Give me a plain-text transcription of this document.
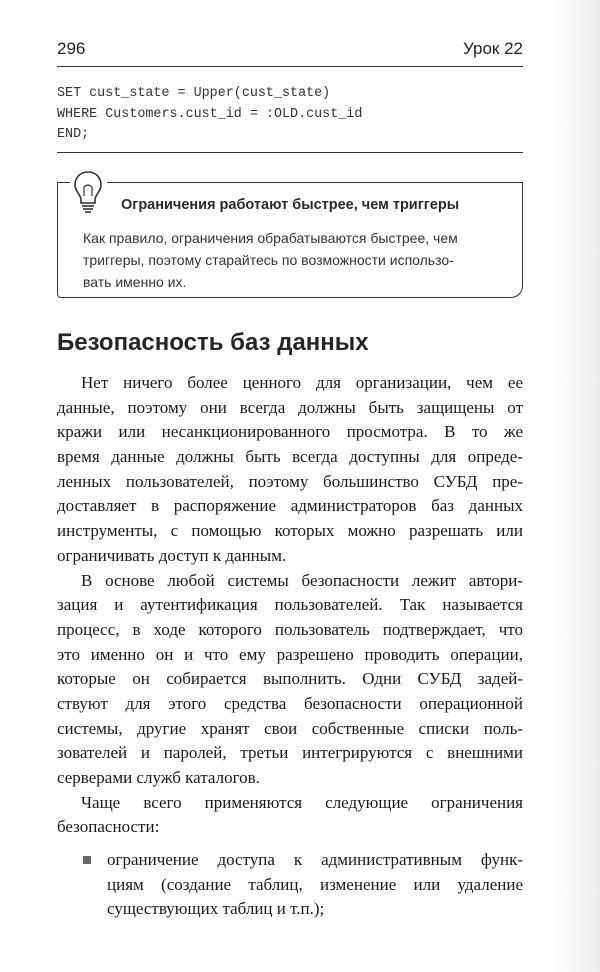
296	Урок 22
SET cust_state = Upper(cust_state)
WHERE Customers.cust_id = :OLD.cust_id
END;
Ограничения работают быстрее, чем триггеры
Как правило, ограничения обрабатываются быстрее, чем
триггеры, поэтому старайтесь по возможности использо-
вать именно их.
Безопасность баз данных
Нет ничего более ценного для организации, чем ее
данные, поэтому они всегда должны быть защищены от
кражи или несанкционированного просмотра. В то же
время данные должны быть всегда доступны для опреде-
ленных пользователей, поэтому большинство СУБД пре-
доставляет в распоряжение администраторов баз данных
инструменты, с помощью которых можно разрешать или
ограничивать доступ к данным.
В основе любой системы безопасности лежит автори-
зация и аутентификация пользователей. Так называется
процесс, в ходе которого пользователь подтверждает, что
это именно он и что ему разрешено проводить операции,
которые он собирается выполнить. Одни СУБД задей-
ствуют для этого средства безопасности операционной
системы, другие хранят свои собственные списки поль-
зователей и паролей, третьи интегрируются с внешними
серверами служб каталогов.
Чаще всего применяются следующие ограничения
безопасности:
ограничение доступа к административным функ-
циям (создание таблиц, изменение или удаление
существующих таблиц и т.п.);
